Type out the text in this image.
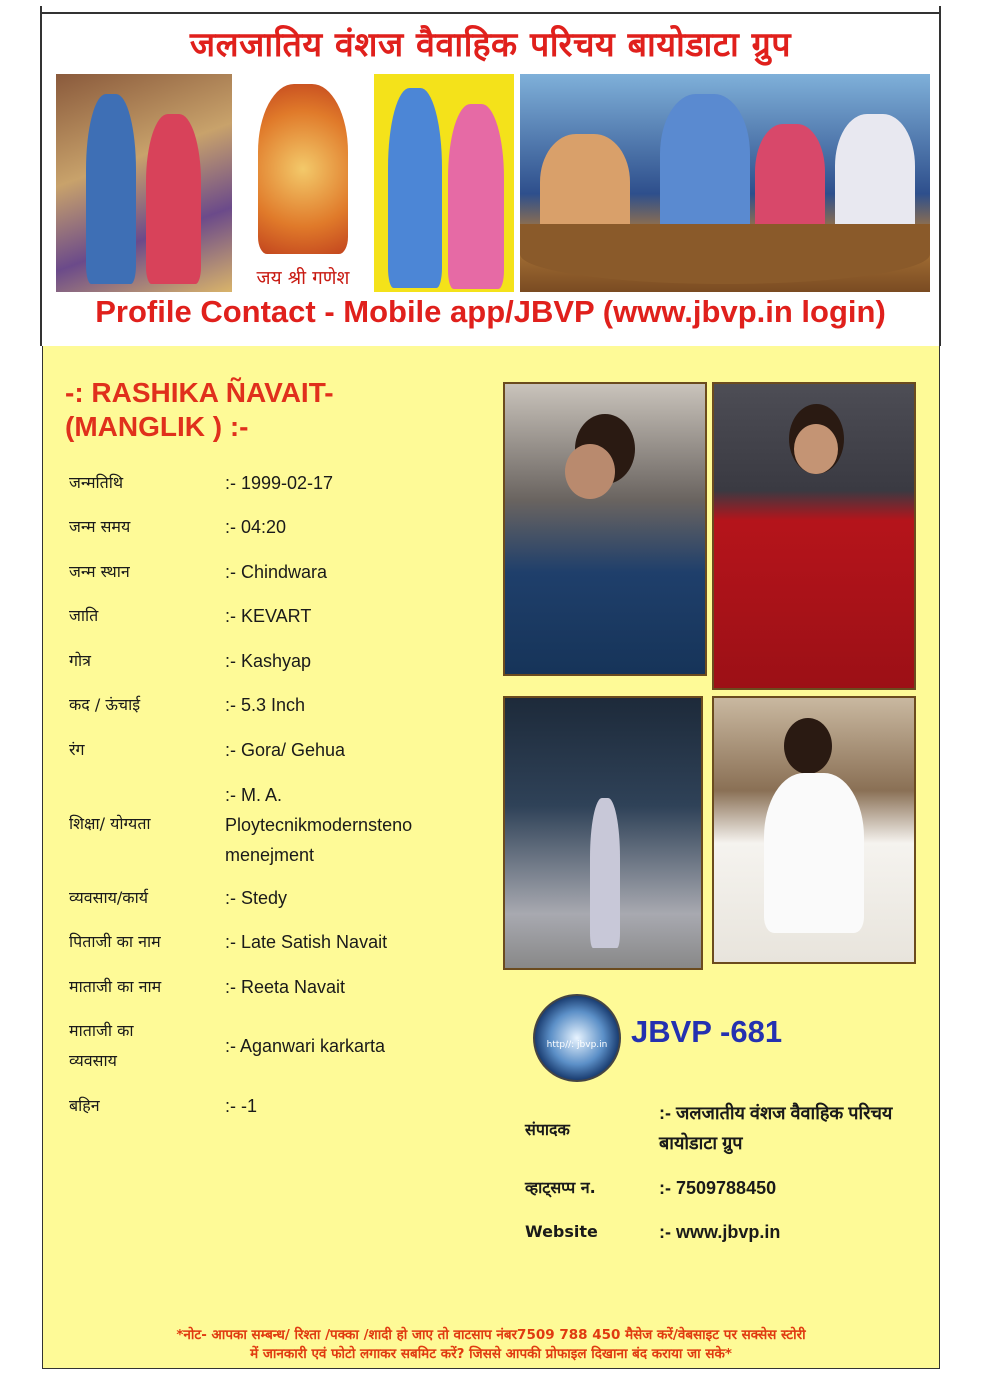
जलजातिय वंशज वैवाहिक परिचय बायोडाटा ग्रुप
जय श्री गणेश
Profile Contact - Mobile app/JBVP (www.jbvp.in login)
-: RASHIKA ÑAVAIT-
(MANGLIK ) :-
जन्मतिथि	:- 1999-02-17
जन्म समय	:- 04:20
जन्म स्थान	:- Chindwara
जाति	:- KEVART
गोत्र	:- Kashyap
कद / ऊंचाई	:- 5.3 Inch
रंग	:- Gora/ Gehua
शिक्षा/ योग्यता
:- M. A. Ploytecnikmodernsteno menejment
व्यवसाय/कार्य	:- Stedy
पिताजी का नाम	:- Late Satish Navait
माताजी का नाम	:- Reeta Navait
माताजी का व्यवसाय
:- Aganwari karkarta
बहिन	:- -1
http//: jbvp.in JBVP -681
संपादक
:- जलजातीय वंशज वैवाहिक परिचय बायोडाटा ग्रुप
व्हाट्सप्प न.	:- 7509788450
Website	:- www.jbvp.in
*नोट- आपका सम्बन्ध/ रिश्ता /पक्का /शादी हो जाए तो वाटसाप नंबर7509 788 450 मैसेज करें/वेबसाइट पर सक्सेस स्टोरी
में जानकारी एवं फोटो लगाकर सबमिट करें? जिससे आपकी प्रोफाइल दिखाना बंद कराया जा सके*
